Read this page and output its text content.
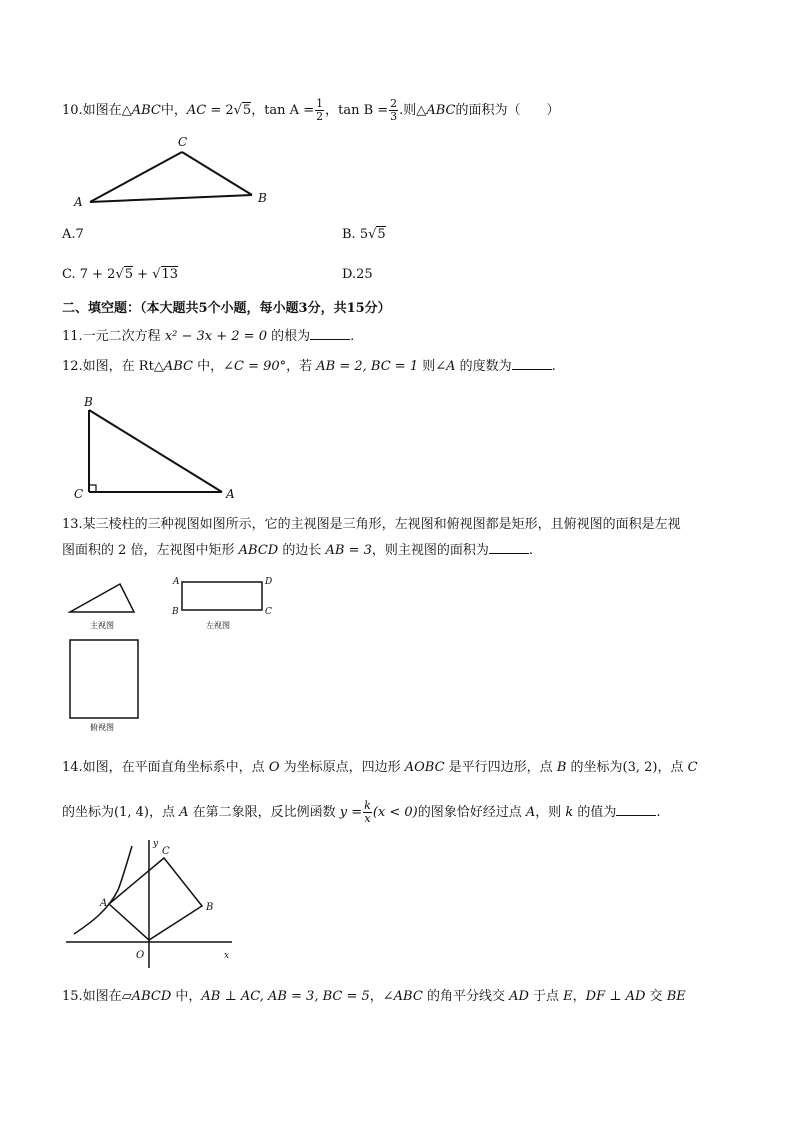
10.如图在△ABC中，AC = 2√5，$\tan A = \frac{1}{2}$ ，$\tan B = \frac{2}{3}$ .则△ABC的面积为（　　）
A
C
B
A.7	B. 5√5
C. 7 + 2√5 + √13	D.25
二、填空题：（本大题共5个小题，每小题3分，共15分）
11.一元二次方程 x² − 3x + 2 = 0 的根为	.
12.如图，在 Rt△ABC 中，∠C = 90°，若 AB = 2, BC = 1 则∠A 的度数为	.
B
C	A
13.某三棱柱的三种视图如图所示，它的主视图是三角形，左视图和俯视图都是矩形，且俯视图的面积是左视
图面积的 2 倍，左视图中矩形 ABCD 的边长 AB = 3，则主视图的面积为	.
主视图
A
B	C
D
左视图
俯视图
14.如图，在平面直角坐标系中，点 O 为坐标原点，四边形 AOBC 是平行四边形，点 B 的坐标为(3, 2)，点 C
的坐标为(1, 4)，点 A 在第二象限，反比例函数 $y = \frac{k}{x} (x < 0)$的图象恰好经过点 A，则 k 的值为	.
A
C
B
O	x
y
15.如图在▱ABCD 中，AB ⊥ AC, AB = 3, BC = 5，∠ABC 的角平分线交 AD 于点 E，DF ⊥ AD 交 BE
